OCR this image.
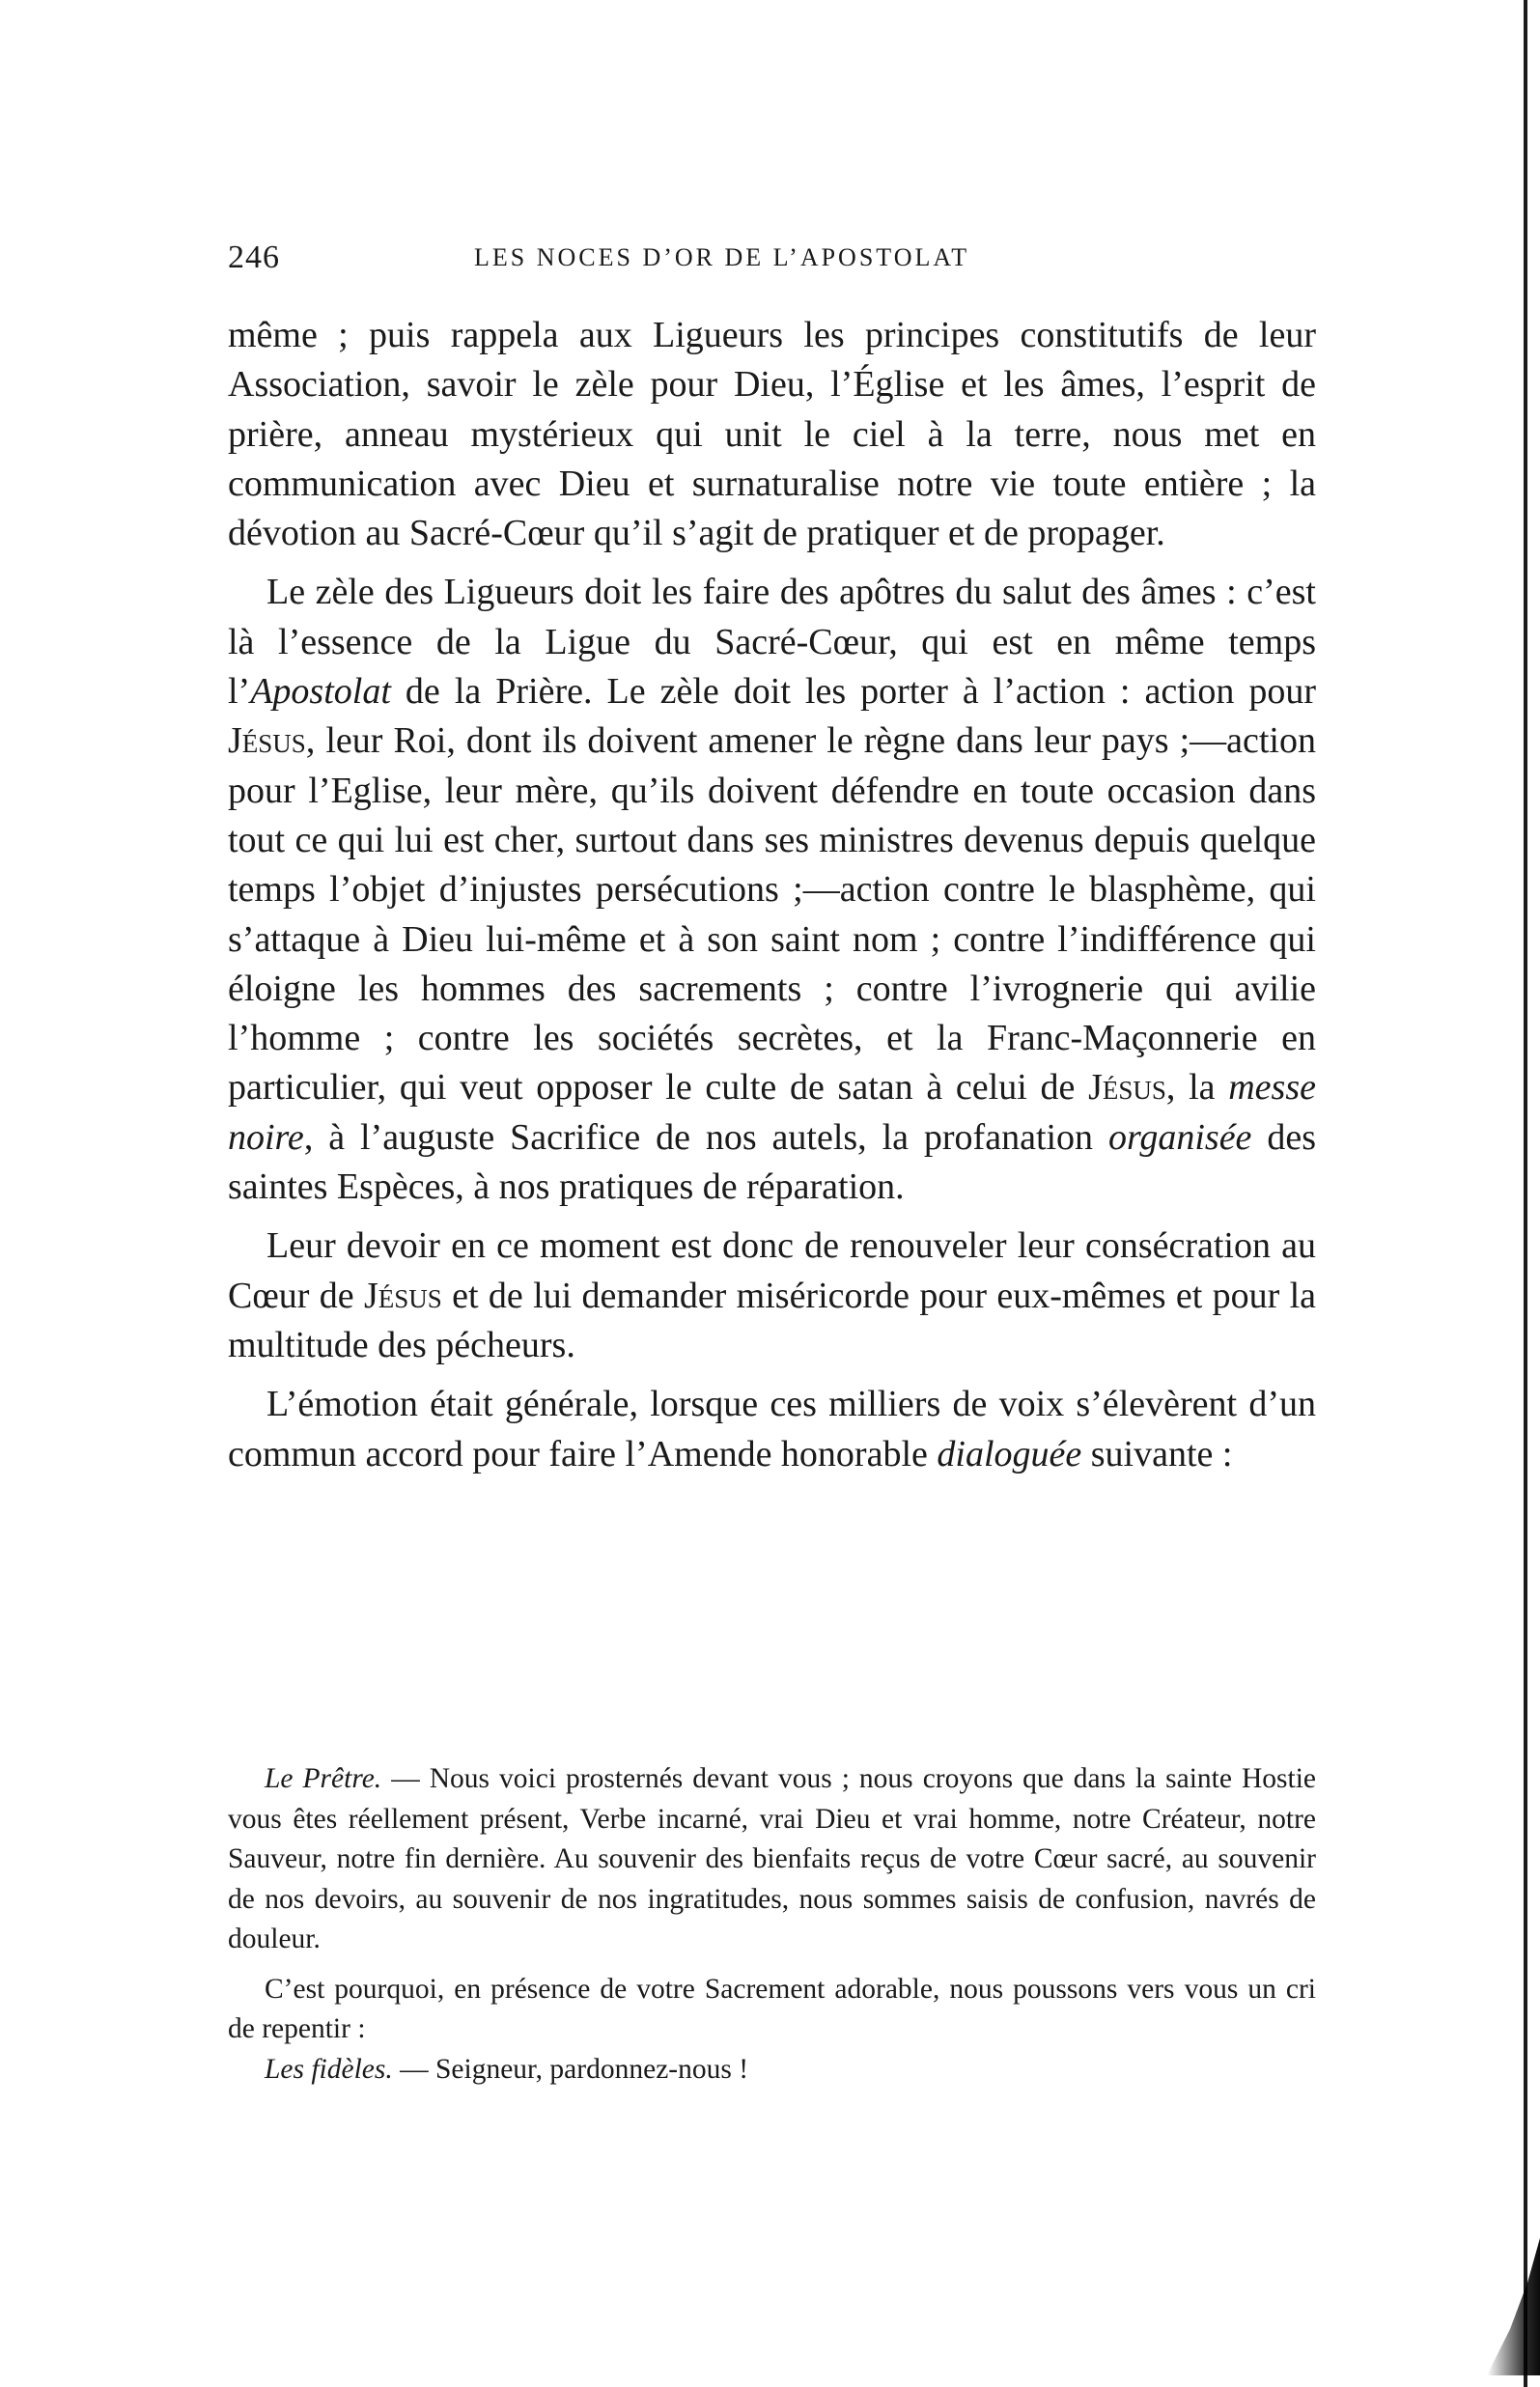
246	LES NOCES D’OR DE L’APOSTOLAT

même ; puis rappela aux Ligueurs les principes constitutifs de leur Association, savoir le zèle pour Dieu, l’Église et les âmes, l’esprit de prière, anneau mystérieux qui unit le ciel à la terre, nous met en communication avec Dieu et surnaturalise notre vie toute entière ; la dévotion au Sacré-Cœur qu’il s’agit de pratiquer et de propager.

Le zèle des Ligueurs doit les faire des apôtres du salut des âmes : c’est là l’essence de la Ligue du Sacré-Cœur, qui est en même temps l’Apostolat de la Prière. Le zèle doit les porter à l’action : action pour Jésus, leur Roi, dont ils doivent amener le règne dans leur pays ;—action pour l’Eglise, leur mère, qu’ils doivent défendre en toute occasion dans tout ce qui lui est cher, surtout dans ses ministres devenus depuis quelque temps l’objet d’injustes persécutions ;—action contre le blasphème, qui s’attaque à Dieu lui-même et à son saint nom ; contre l’indifférence qui éloigne les hommes des sacrements ; contre l’ivrognerie qui avilie l’homme ; contre les sociétés secrètes, et la Franc-Maçonnerie en particulier, qui veut opposer le culte de satan à celui de Jésus, la messe noire, à l’auguste Sacrifice de nos autels, la profanation organisée des saintes Espèces, à nos pratiques de réparation.

Leur devoir en ce moment est donc de renouveler leur consécration au Cœur de Jésus et de lui demander miséricorde pour eux-mêmes et pour la multitude des pécheurs.

L’émotion était générale, lorsque ces milliers de voix s’élevèrent d’un commun accord pour faire l’Amende honorable dialoguée suivante :

Le Prêtre. — Nous voici prosternés devant vous ; nous croyons que dans la sainte Hostie vous êtes réellement présent, Verbe incarné, vrai Dieu et vrai homme, notre Créateur, notre Sauveur, notre fin dernière. Au souvenir des bienfaits reçus de votre Cœur sacré, au souvenir de nos devoirs, au souvenir de nos ingratitudes, nous sommes saisis de confusion, navrés de douleur.

C’est pourquoi, en présence de votre Sacrement adorable, nous poussons vers vous un cri de repentir :

Les fidèles. — Seigneur, pardonnez-nous !
